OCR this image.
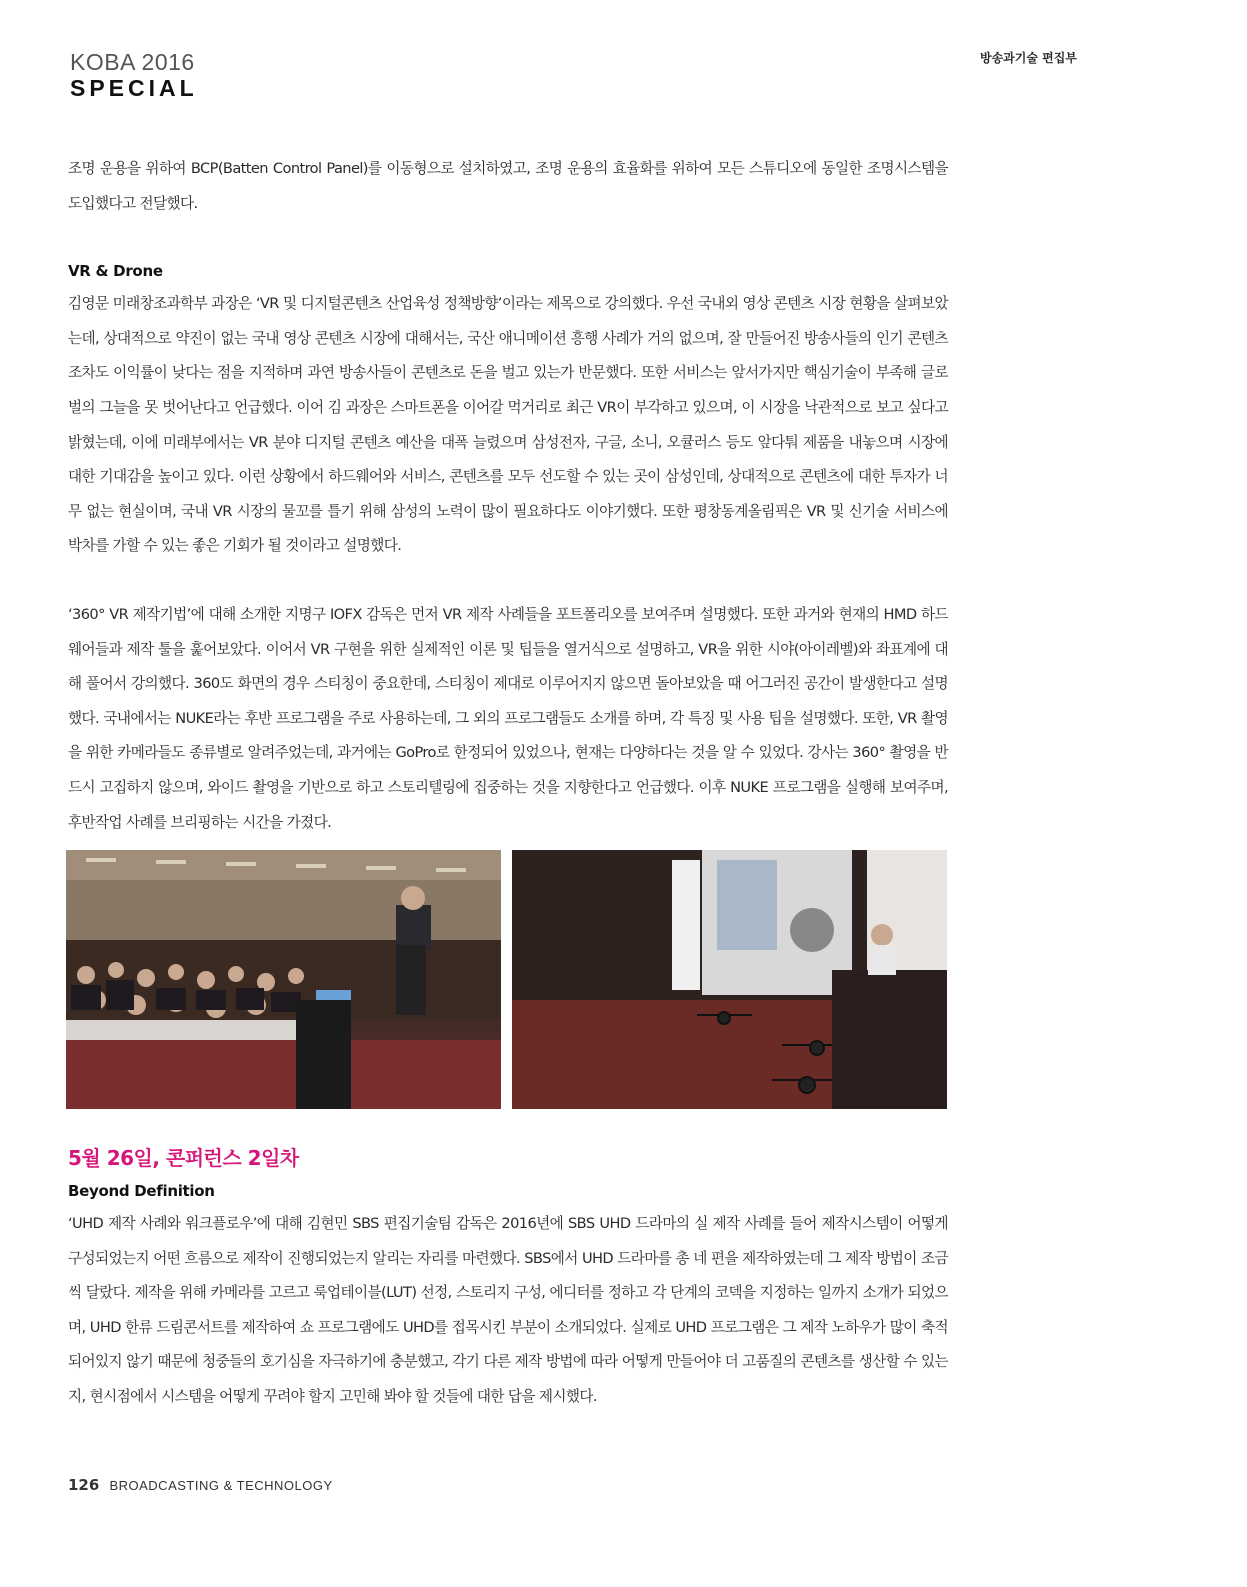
KOBA 2016
SPECIAL
방송과기술 편집부

조명 운용을 위하여 BCP(Batten Control Panel)를 이동형으로 설치하였고, 조명 운용의 효율화를 위하여 모든 스튜디오에 동일한 조명시스템을 도입했다고 전달했다.

VR & Drone

김영문 미래창조과학부 과장은 ‘VR 및 디지털콘텐츠 산업육성 정책방향’이라는 제목으로 강의했다. 우선 국내외 영상 콘텐츠 시장 현황을 살펴보았는데, 상대적으로 약진이 없는 국내 영상 콘텐츠 시장에 대해서는, 국산 애니메이션 흥행 사례가 거의 없으며, 잘 만들어진 방송사들의 인기 콘텐츠조차도 이익률이 낮다는 점을 지적하며 과연 방송사들이 콘텐츠로 돈을 벌고 있는가 반문했다. 또한 서비스는 앞서가지만 핵심기술이 부족해 글로벌의 그늘을 못 벗어난다고 언급했다. 이어 김 과장은 스마트폰을 이어갈 먹거리로 최근 VR이 부각하고 있으며, 이 시장을 낙관적으로 보고 싶다고 밝혔는데, 이에 미래부에서는 VR 분야 디지털 콘텐츠 예산을 대폭 늘렸으며 삼성전자, 구글, 소니, 오큘러스 등도 앞다퉈 제품을 내놓으며 시장에 대한 기대감을 높이고 있다. 이런 상황에서 하드웨어와 서비스, 콘텐츠를 모두 선도할 수 있는 곳이 삼성인데, 상대적으로 콘텐츠에 대한 투자가 너무 없는 현실이며, 국내 VR 시장의 물꼬를 틀기 위해 삼성의 노력이 많이 필요하다도 이야기했다. 또한 평창동계올림픽은 VR 및 신기술 서비스에 박차를 가할 수 있는 좋은 기회가 될 것이라고 설명했다.

‘360° VR 제작기법’에 대해 소개한 지명구 IOFX 감독은 먼저 VR 제작 사례들을 포트폴리오를 보여주며 설명했다. 또한 과거와 현재의 HMD 하드웨어들과 제작 툴을 훑어보았다. 이어서 VR 구현을 위한 실제적인 이론 및 팁들을 열거식으로 설명하고, VR을 위한 시야(아이레벨)와 좌표계에 대해 풀어서 강의했다. 360도 화면의 경우 스티칭이 중요한데, 스티칭이 제대로 이루어지지 않으면 돌아보았을 때 어그러진 공간이 발생한다고 설명했다. 국내에서는 NUKE라는 후반 프로그램을 주로 사용하는데, 그 외의 프로그램들도 소개를 하며, 각 특징 및 사용 팁을 설명했다. 또한, VR 촬영을 위한 카메라들도 종류별로 알려주었는데, 과거에는 GoPro로 한정되어 있었으나, 현재는 다양하다는 것을 알 수 있었다. 강사는 360° 촬영을 반드시 고집하지 않으며, 와이드 촬영을 기반으로 하고 스토리텔링에 집중하는 것을 지향한다고 언급했다. 이후 NUKE 프로그램을 실행해 보여주며, 후반작업 사례를 브리핑하는 시간을 가졌다.

5월 26일, 콘퍼런스 2일차
Beyond Definition

‘UHD 제작 사례와 워크플로우’에 대해 김현민 SBS 편집기술팀 감독은 2016년에 SBS UHD 드라마의 실 제작 사례를 들어 제작시스템이 어떻게 구성되었는지 어떤 흐름으로 제작이 진행되었는지 알리는 자리를 마련했다. SBS에서 UHD 드라마를 총 네 편을 제작하였는데 그 제작 방법이 조금씩 달랐다. 제작을 위해 카메라를 고르고 룩업테이블(LUT) 선정, 스토리지 구성, 에디터를 정하고 각 단계의 코덱을 지정하는 일까지 소개가 되었으며, UHD 한류 드림콘서트를 제작하여 쇼 프로그램에도 UHD를 접목시킨 부분이 소개되었다. 실제로 UHD 프로그램은 그 제작 노하우가 많이 축적되어있지 않기 때문에 청중들의 호기심을 자극하기에 충분했고, 각기 다른 제작 방법에 따라 어떻게 만들어야 더 고품질의 콘텐츠를 생산할 수 있는지, 현시점에서 시스템을 어떻게 꾸려야 할지 고민해 봐야 할 것들에 대한 답을 제시했다.

126 BROADCASTING & TECHNOLOGY
